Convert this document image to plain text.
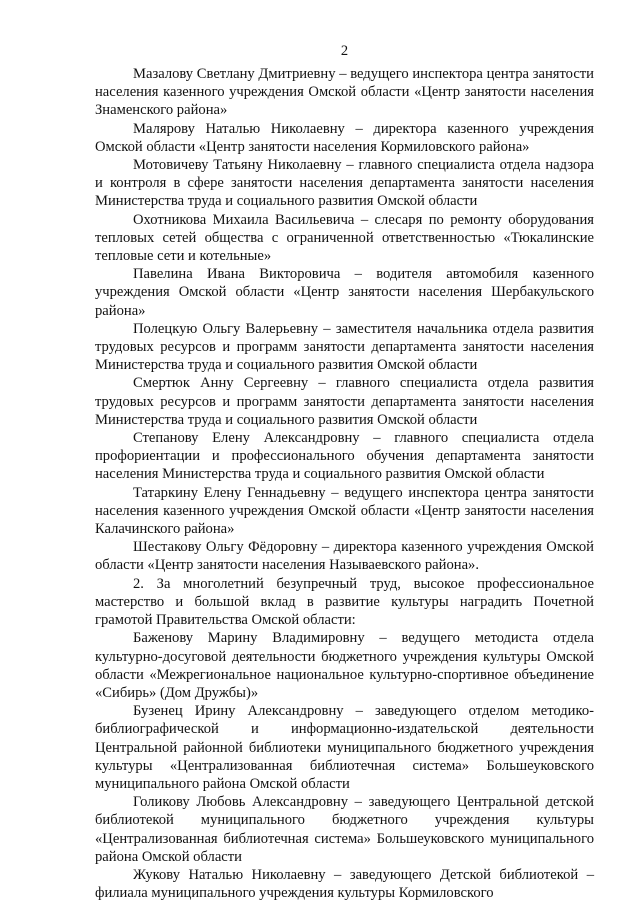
2

Мазалову Светлану Дмитриевну – ведущего инспектора центра занятости населения казенного учреждения Омской области «Центр занятости населения Знаменского района»

Малярову Наталью Николаевну – директора казенного учреждения Омской области «Центр занятости населения Кормиловского района»

Мотовичеву Татьяну Николаевну – главного специалиста отдела надзора и контроля в сфере занятости населения департамента занятости населения Министерства труда и социального развития Омской области

Охотникова Михаила Васильевича – слесаря по ремонту оборудования тепловых сетей общества с ограниченной ответственностью «Тюкалинские тепловые сети и котельные»

Павелина Ивана Викторовича – водителя автомобиля казенного учреждения Омской области «Центр занятости населения Шербакульского района»

Полецкую Ольгу Валерьевну – заместителя начальника отдела развития трудовых ресурсов и программ занятости департамента занятости населения Министерства труда и социального развития Омской области

Смертюк Анну Сергеевну – главного специалиста отдела развития трудовых ресурсов и программ занятости департамента занятости населения Министерства труда и социального развития Омской области

Степанову Елену Александровну – главного специалиста отдела профориентации и профессионального обучения департамента занятости населения Министерства труда и социального развития Омской области

Татаркину Елену Геннадьевну – ведущего инспектора центра занятости населения казенного учреждения Омской области «Центр занятости населения Калачинского района»

Шестакову Ольгу Фёдоровну – директора казенного учреждения Омской области «Центр занятости населения Называевского района».

2. За многолетний безупречный труд, высокое профессиональное мастерство и большой вклад в развитие культуры наградить Почетной грамотой Правительства Омской области:

Баженову Марину Владимировну – ведущего методиста отдела культурно-досуговой деятельности бюджетного учреждения культуры Омской области «Межрегиональное национальное культурно-спортивное объединение «Сибирь» (Дом Дружбы)»

Бузенец Ирину Александровну – заведующего отделом методико-библиографической и информационно-издательской деятельности Центральной районной библиотеки муниципального бюджетного учреждения культуры «Централизованная библиотечная система» Большеуковского муниципального района Омской области

Голикову Любовь Александровну – заведующего Центральной детской библиотекой муниципального бюджетного учреждения культуры «Централизованная библиотечная система» Большеуковского муниципального района Омской области

Жукову Наталью Николаевну – заведующего Детской библиотекой – филиала муниципального учреждения культуры Кормиловского
